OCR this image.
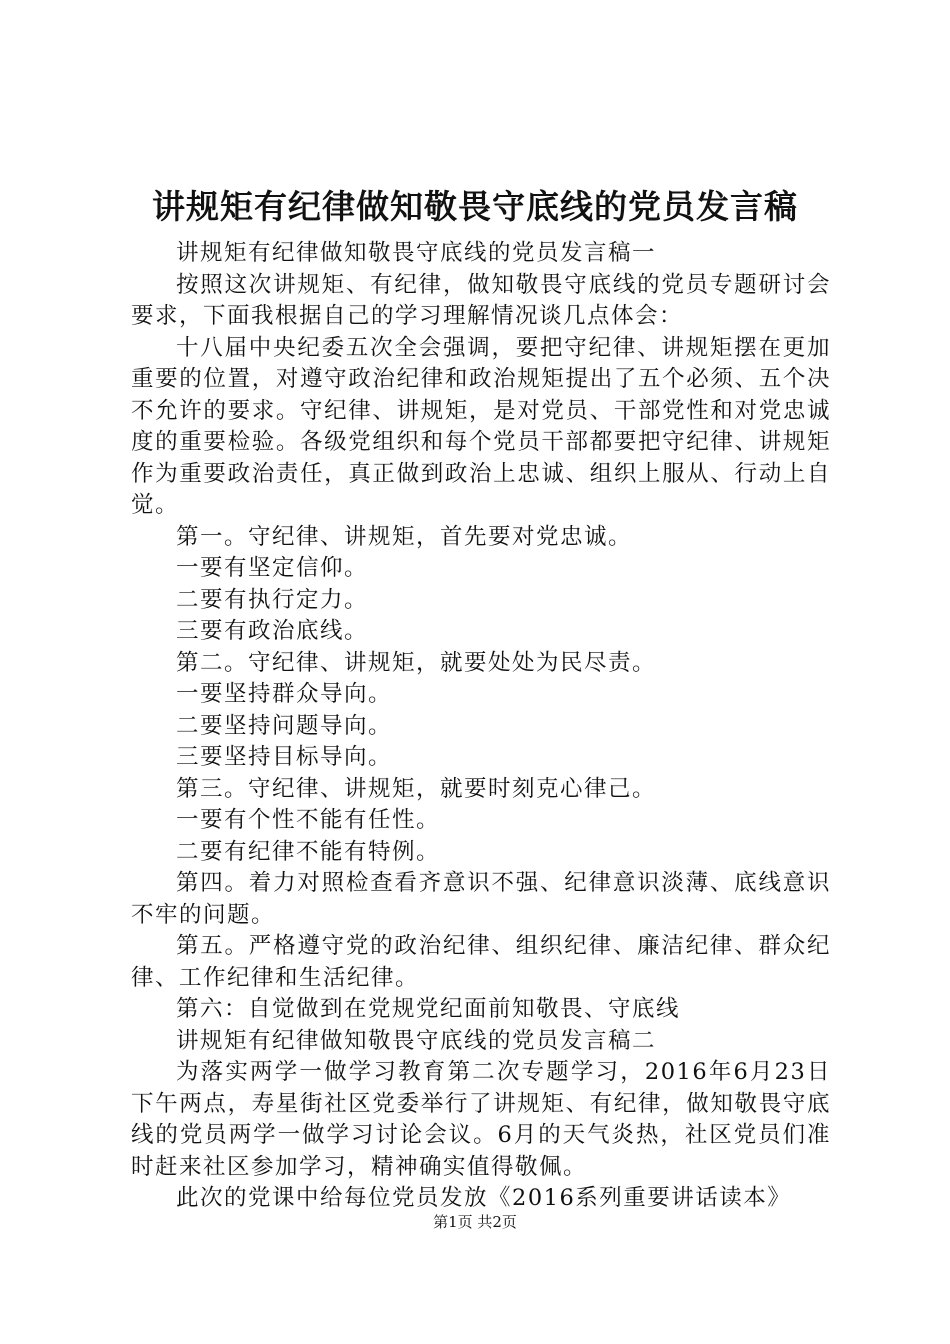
讲规矩有纪律做知敬畏守底线的党员发言稿

讲规矩有纪律做知敬畏守底线的党员发言稿一

按照这次讲规矩、有纪律，做知敬畏守底线的党员专题研讨会要求，下面我根据自己的学习理解情况谈几点体会：

十八届中央纪委五次全会强调，要把守纪律、讲规矩摆在更加重要的位置，对遵守政治纪律和政治规矩提出了五个必须、五个决不允许的要求。守纪律、讲规矩，是对党员、干部党性和对党忠诚度的重要检验。各级党组织和每个党员干部都要把守纪律、讲规矩作为重要政治责任，真正做到政治上忠诚、组织上服从、行动上自觉。

第一。守纪律、讲规矩，首先要对党忠诚。

一要有坚定信仰。

二要有执行定力。

三要有政治底线。

第二。守纪律、讲规矩，就要处处为民尽责。

一要坚持群众导向。

二要坚持问题导向。

三要坚持目标导向。

第三。守纪律、讲规矩，就要时刻克心律己。

一要有个性不能有任性。

二要有纪律不能有特例。

第四。着力对照检查看齐意识不强、纪律意识淡薄、底线意识不牢的问题。

第五。严格遵守党的政治纪律、组织纪律、廉洁纪律、群众纪律、工作纪律和生活纪律。

第六：自觉做到在党规党纪面前知敬畏、守底线

讲规矩有纪律做知敬畏守底线的党员发言稿二

为落实两学一做学习教育第二次专题学习，2016年6月23日下午两点，寿星街社区党委举行了讲规矩、有纪律，做知敬畏守底线的党员两学一做学习讨论会议。6月的天气炎热，社区党员们准时赶来社区参加学习，精神确实值得敬佩。

此次的党课中给每位党员发放《2016系列重要讲话读本》

第1页 共2页
